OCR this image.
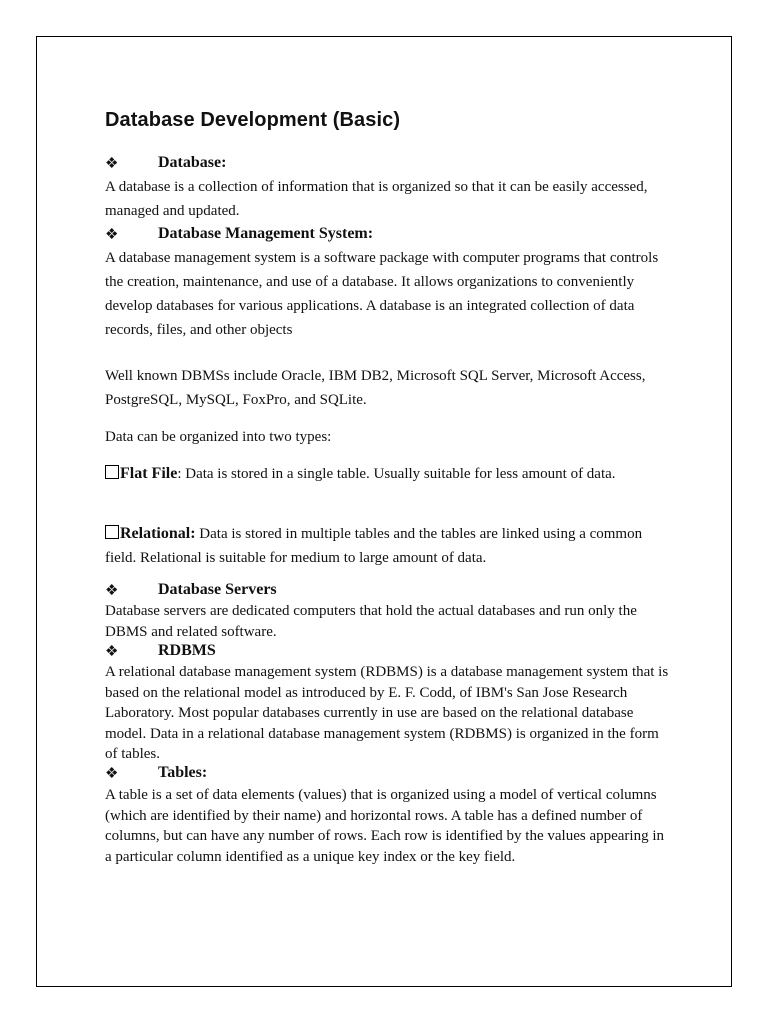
Database Development (Basic)
❖ Database:
A database is a collection of information that is organized so that it can be easily accessed, managed and updated.
❖ Database Management System:
A database management system is a software package with computer programs that controls the creation, maintenance, and use of a database. It allows organizations to conveniently develop databases for various applications. A database is an integrated collection of data records, files, and other objects
Well known DBMSs include Oracle, IBM DB2, Microsoft SQL Server, Microsoft Access, PostgreSQL, MySQL, FoxPro, and SQLite.
Data can be organized into two types:
Flat File: Data is stored in a single table. Usually suitable for less amount of data.
Relational: Data is stored in multiple tables and the tables are linked using a common field. Relational is suitable for medium to large amount of data.
❖ Database Servers
Database servers are dedicated computers that hold the actual databases and run only the DBMS and related software.
❖ RDBMS
A relational database management system (RDBMS) is a database management system that is based on the relational model as introduced by E. F. Codd, of IBM's San Jose Research Laboratory. Most popular databases currently in use are based on the relational database model. Data in a relational database management system (RDBMS) is organized in the form of tables.
❖ Tables:
A table is a set of data elements (values) that is organized using a model of vertical columns (which are identified by their name) and horizontal rows. A table has a defined number of columns, but can have any number of rows. Each row is identified by the values appearing in a particular column identified as a unique key index or the key field.
